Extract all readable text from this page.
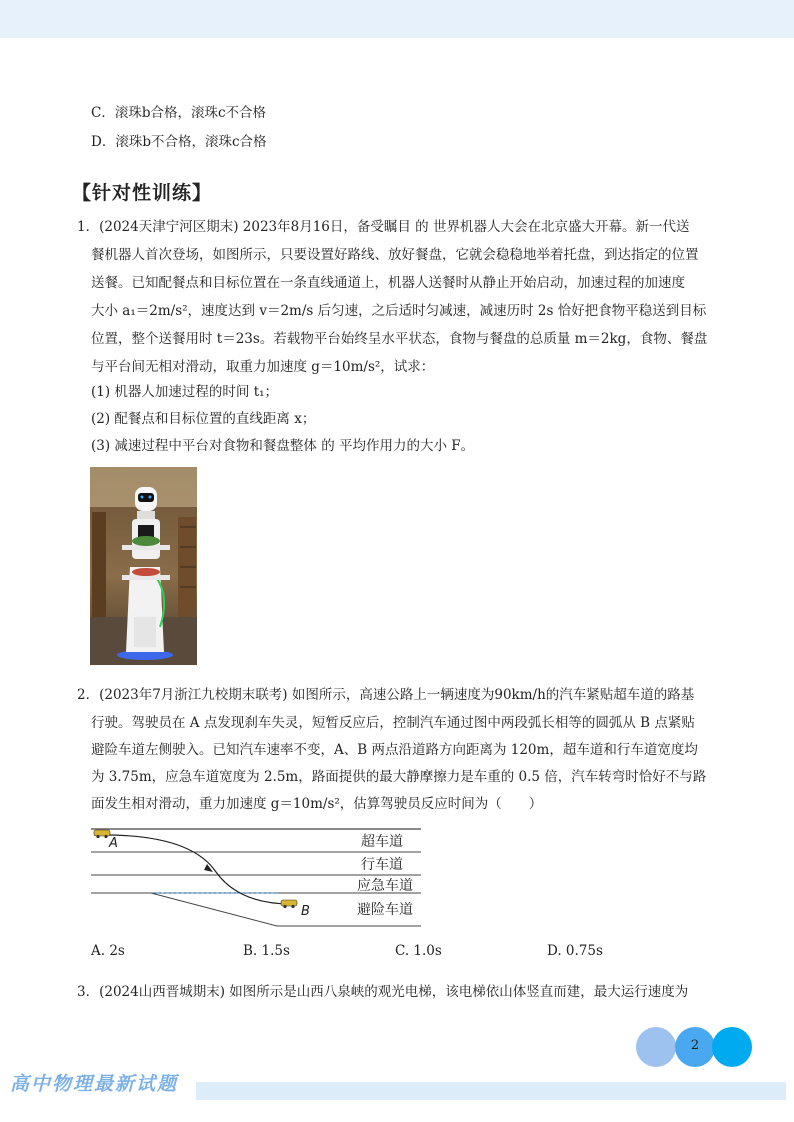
C．滚珠b合格，滚珠c不合格
D．滚珠b不合格，滚珠c合格
【针对性训练】
1．(2024天津宁河区期末) 2023年8月16日，备受瞩目 的 世界机器人大会在北京盛大开幕。新一代送
餐机器人首次登场，如图所示，只要设置好路线、放好餐盘，它就会稳稳地举着托盘，到达指定的位置
送餐。已知配餐点和目标位置在一条直线通道上，机器人送餐时从静止开始启动，加速过程的加速度
大小 a₁＝2m/s²，速度达到 v＝2m/s 后匀速，之后适时匀减速，减速历时 2s 恰好把食物平稳送到目标
位置，整个送餐用时 t＝23s。若载物平台始终呈水平状态，食物与餐盘的总质量 m＝2kg，食物、餐盘
与平台间无相对滑动，取重力加速度 g＝10m/s²，试求：
(1) 机器人加速过程的时间 t₁；
(2) 配餐点和目标位置的直线距离 x；
(3) 减速过程中平台对食物和餐盘整体 的 平均作用力的大小 F。
2．(2023年7月浙江九校期末联考) 如图所示，高速公路上一辆速度为90km/h的汽车紧贴超车道的路基
行驶。驾驶员在 A 点发现刹车失灵，短暂反应后，控制汽车通过图中两段弧长相等的圆弧从 B 点紧贴
避险车道左侧驶入。已知汽车速率不变，A、B 两点沿道路方向距离为 120m，超车道和行车道宽度均
为 3.75m，应急车道宽度为 2.5m，路面提供的最大静摩擦力是车重的 0.5 倍，汽车转弯时恰好不与路
面发生相对滑动，重力加速度 g＝10m/s²，估算驾驶员反应时间为（　　）
A
B
超车道
行车道
应急车道
避险车道
A. 2s	B. 1.5s	C. 1.0s	D. 0.75s
3．(2024山西晋城期末) 如图所示是山西八泉峡的观光电梯，该电梯依山体竖直而建，最大运行速度为
2
高中物理最新试题
